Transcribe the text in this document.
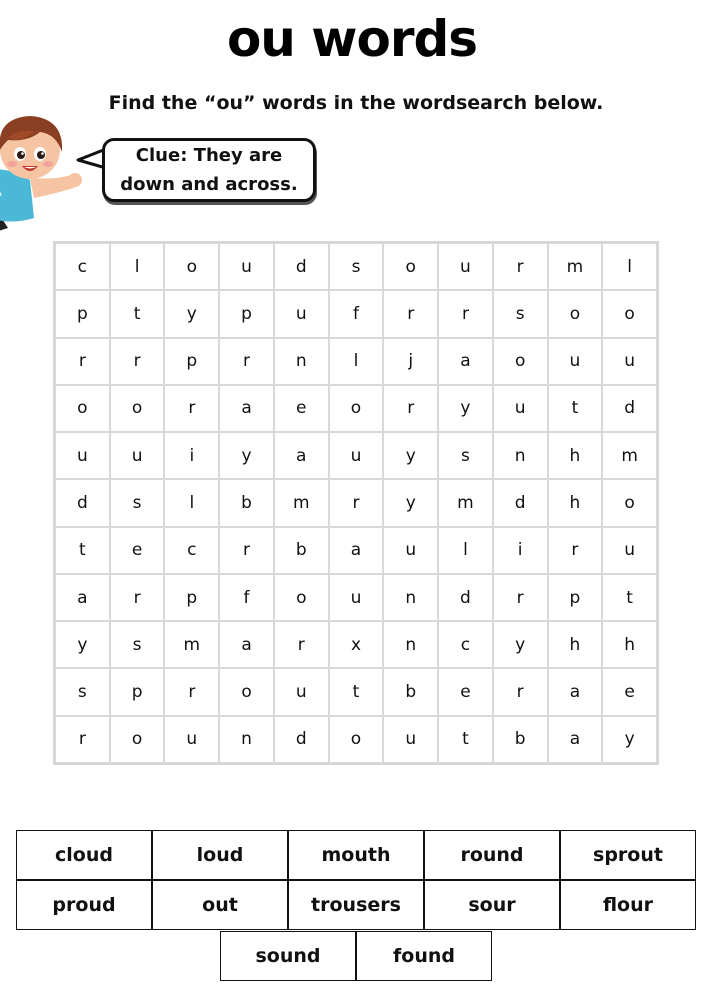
ou words
Find the “ou” words in the wordsearch below.
Clue: They are
down and across.
c	l	o	u	d	s	o	u	r	m	l
p	t	y	p	u	f	r	r	s	o	o
r	r	p	r	n	l	j	a	o	u	u
o	o	r	a	e	o	r	y	u	t	d
u	u	i	y	a	u	y	s	n	h	m
d	s	l	b	m	r	y	m	d	h	o
t	e	c	r	b	a	u	l	i	r	u
a	r	p	f	o	u	n	d	r	p	t
y	s	m	a	r	x	n	c	y	h	h
s	p	r	o	u	t	b	e	r	a	e
r	o	u	n	d	o	u	t	b	a	y
cloud	loud	mouth	round	sprout
proud	out	trousers	sour	flour
sound	found
